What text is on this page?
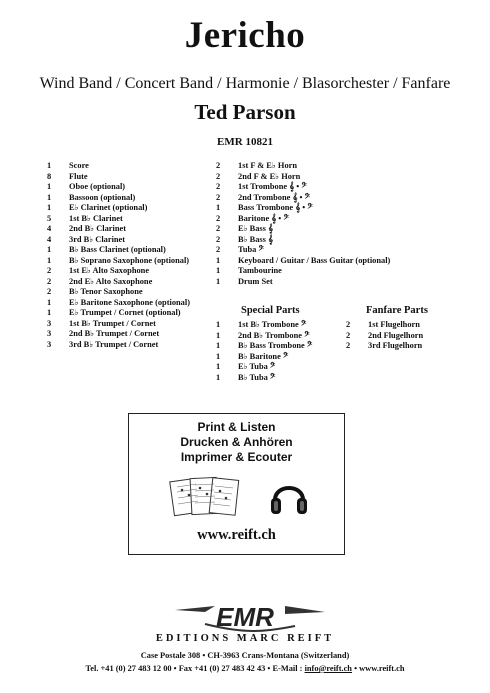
Jericho
Wind Band / Concert Band / Harmonie / Blasorchester / Fanfare
Ted Parson
EMR 10821
1	Score
8	Flute
1	Oboe (optional)
1	Bassoon (optional)
1	E♭ Clarinet (optional)
5	1st B♭ Clarinet
4	2nd B♭ Clarinet
4	3rd B♭ Clarinet
1	B♭ Bass Clarinet (optional)
1	B♭ Soprano Saxophone (optional)
2	1st E♭ Alto Saxophone
2	2nd E♭ Alto Saxophone
2	B♭ Tenor Saxophone
1	E♭ Baritone Saxophone (optional)
1	E♭ Trumpet / Cornet (optional)
3	1st B♭ Trumpet / Cornet
3	2nd B♭ Trumpet / Cornet
3	3rd B♭ Trumpet / Cornet
2	1st F & E♭ Horn
2	2nd F & E♭ Horn
2	1st Trombone 𝄞 • 𝄢
2	2nd Trombone 𝄞 • 𝄢
1	Bass Trombone 𝄞 • 𝄢
2	Baritone 𝄞 • 𝄢
2	E♭ Bass 𝄞
2	B♭ Bass 𝄞
2	Tuba 𝄢
1	Keyboard / Guitar / Bass Guitar (optional)
1	Tambourine
1	Drum Set
Special Parts	Fanfare Parts
1	1st B♭ Trombone 𝄢
1	2nd B♭ Trombone 𝄢
1	B♭ Bass Trombone 𝄢
1	B♭ Baritone 𝄢
1	E♭ Tuba 𝄢
1	B♭ Tuba 𝄢
2	1st Flugelhorn
2	2nd Flugelhorn
2	3rd Flugelhorn
Print & Listen
Drucken & Anhören
Imprimer & Ecouter
www.reift.ch
EMR
EDITIONS MARC REIFT
Case Postale 308 • CH-3963 Crans-Montana (Switzerland)
Tel. +41 (0) 27 483 12 00 • Fax +41 (0) 27 483 42 43 • E-Mail : info@reift.ch • www.reift.ch
